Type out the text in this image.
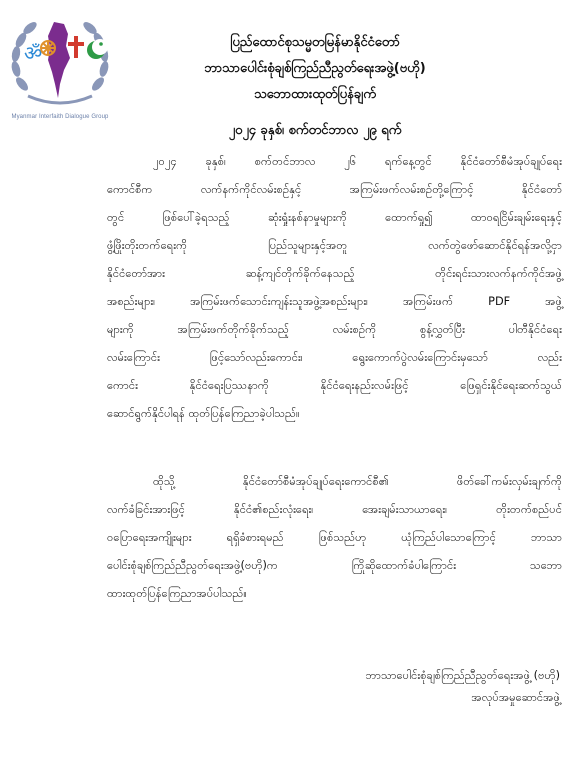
ॐ
Myanmar Interfaith Dialogue Group
ပြည်ထောင်စုသမ္မတမြန်မာနိုင်ငံတော်
ဘာသာပေါင်းစုံချစ်ကြည်ညီညွတ်ရေးအဖွဲ့(ဗဟို)
သဘောထားထုတ်ပြန်ချက်
၂၀၂၄ ခုနှစ်၊ စက်တင်ဘာလ ၂၉ ရက်
၂၀၂၄ ခုနှစ်၊ စက်တင်ဘာလ ၂၆ ရက်နေ့တွင် နိုင်ငံတော်စီမံအုပ်ချုပ်ရေး
ကောင်စီက လက်နက်ကိုင်လမ်းစဉ်နှင့် အကြမ်းဖက်လမ်းစဉ်တို့ကြောင့် နိုင်ငံတော်
တွင် ဖြစ်ပေါ်ခဲ့ရသည့် ဆုံးရှုံးနစ်နာမှုများကို ထောက်ရှု၍ ထာဝရငြိမ်းချမ်းရေးနှင့်
ဖွံ့ဖြိုးတိုးတက်ရေးကို ပြည်သူများနှင့်အတူ လက်တွဲဖော်ဆောင်နိုင်ရန်အလို့ငှာ
နိုင်ငံတော်အား ဆန့်ကျင်တိုက်ခိုက်နေသည့် တိုင်းရင်းသားလက်နက်ကိုင်အဖွဲ့
အစည်းများ၊ အကြမ်းဖက်သောင်းကျန်းသူအဖွဲ့အစည်းများ၊ အကြမ်းဖက် PDF အဖွဲ့
များကို အကြမ်းဖက်တိုက်ခိုက်သည့် လမ်းစဉ်ကို စွန့်လွှတ်ပြီး ပါတီနိုင်ငံရေး
လမ်းကြောင်း ဖြင့်သော်လည်းကောင်း၊ ရွေးကောက်ပွဲလမ်းကြောင်းမှသော် လည်း
ကောင်း နိုင်ငံရေးပြဿနာကို နိုင်ငံရေးနည်းလမ်းဖြင့် ဖြေရှင်းနိုင်ရေးဆက်သွယ်
ဆောင်ရွက်နိုင်ပါရန် ထုတ်ပြန်ကြေညာခဲ့ပါသည်။
ထိုသို့ နိုင်ငံတော်စီမံအုပ်ချုပ်ရေးကောင်စီ၏ ဖိတ်ခေါ်ကမ်းလှမ်းချက်ကို
လက်ခံခြင်းအားဖြင့် နိုင်ငံ၏စည်းလုံးရေး၊ အေးချမ်းသာယာရေး၊ တိုးတက်စည်ပင်
ဝပြောရေးအကျိုးများ ရရှိခံစားရမည် ဖြစ်သည်ဟု ယုံကြည်ပါသောကြောင့် ဘာသာ
ပေါင်းစုံချစ်ကြည်ညီညွတ်ရေးအဖွဲ့(ဗဟို)က ကြိုဆိုထောက်ခံပါကြောင်း သဘော
ထားထုတ်ပြန်ကြေညာအပ်ပါသည်။
ဘာသာပေါင်းစုံချစ်ကြည်ညီညွတ်ရေးအဖွဲ့ (ဗဟို)
အလုပ်အမှုဆောင်အဖွဲ့
